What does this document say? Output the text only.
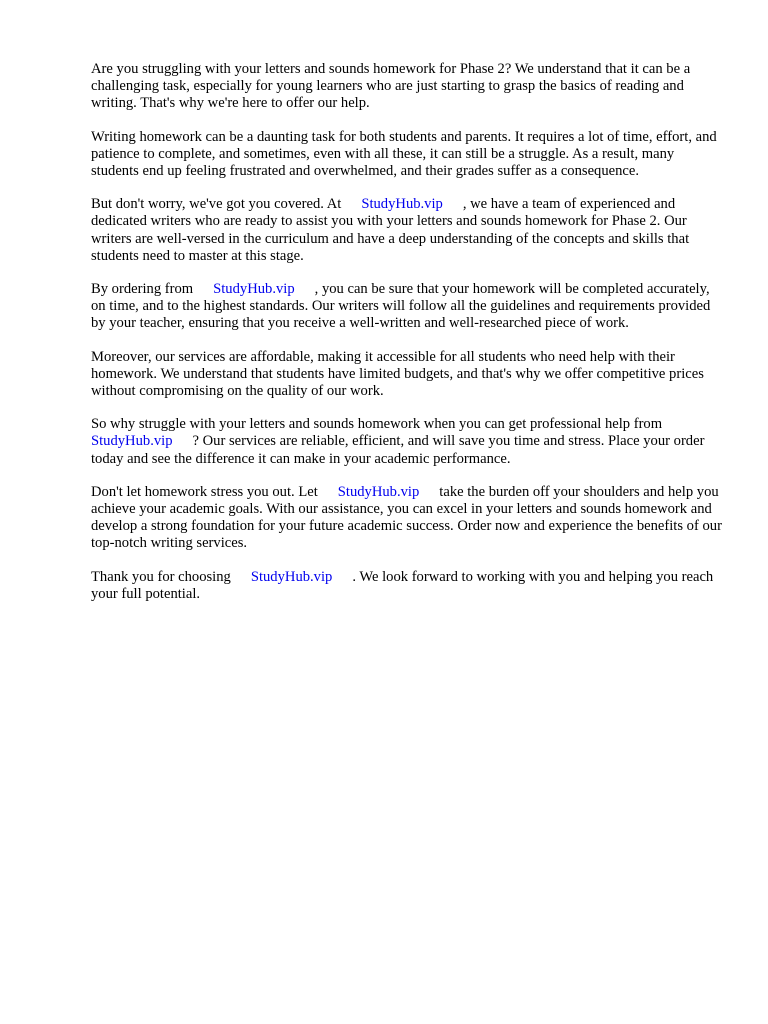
Are you struggling with your letters and sounds homework for Phase 2? We understand that it can be a challenging task, especially for young learners who are just starting to grasp the basics of reading and writing. That's why we're here to offer our help.

Writing homework can be a daunting task for both students and parents. It requires a lot of time, effort, and patience to complete, and sometimes, even with all these, it can still be a struggle. As a result, many students end up feeling frustrated and overwhelmed, and their grades suffer as a consequence.

But don't worry, we've got you covered. At StudyHub.vip , we have a team of experienced and dedicated writers who are ready to assist you with your letters and sounds homework for Phase 2. Our writers are well-versed in the curriculum and have a deep understanding of the concepts and skills that students need to master at this stage.

By ordering from StudyHub.vip , you can be sure that your homework will be completed accurately, on time, and to the highest standards. Our writers will follow all the guidelines and requirements provided by your teacher, ensuring that you receive a well-written and well-researched piece of work.

Moreover, our services are affordable, making it accessible for all students who need help with their homework. We understand that students have limited budgets, and that's why we offer competitive prices without compromising on the quality of our work.

So why struggle with your letters and sounds homework when you can get professional help from StudyHub.vip ? Our services are reliable, efficient, and will save you time and stress. Place your order today and see the difference it can make in your academic performance.

Don't let homework stress you out. Let StudyHub.vip take the burden off your shoulders and help you achieve your academic goals. With our assistance, you can excel in your letters and sounds homework and develop a strong foundation for your future academic success. Order now and experience the benefits of our top-notch writing services.

Thank you for choosing StudyHub.vip . We look forward to working with you and helping you reach your full potential.
